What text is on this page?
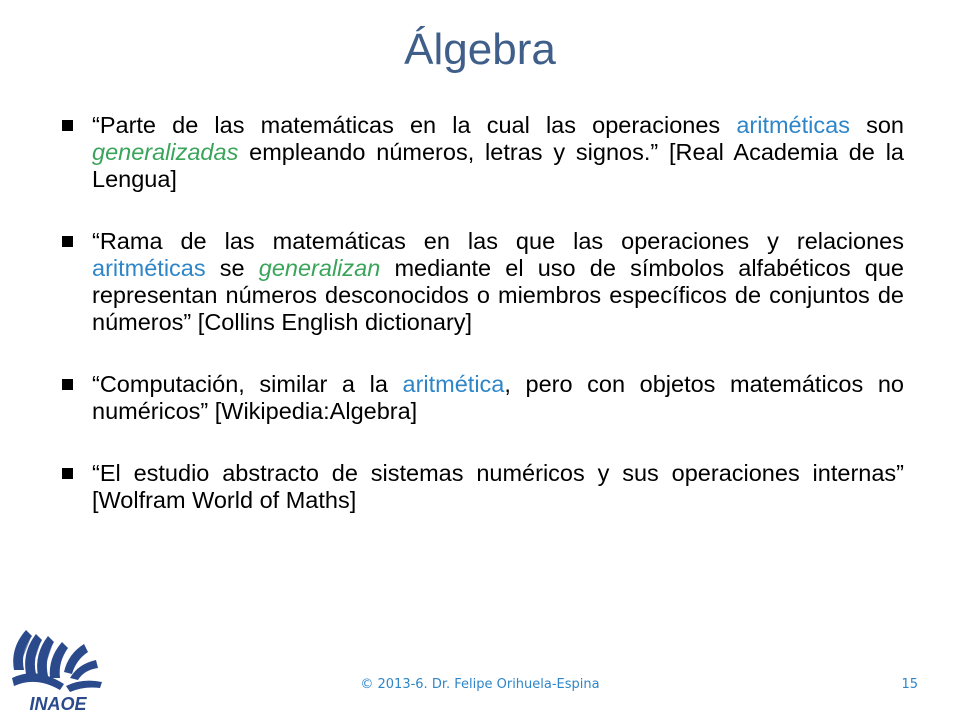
Álgebra
“Parte de las matemáticas en la cual las operaciones aritméticas son generalizadas empleando números, letras y signos.” [Real Academia de la Lengua]
“Rama de las matemáticas en las que las operaciones y relaciones aritméticas se generalizan mediante el uso de símbolos alfabéticos que representan números desconocidos o miembros específicos de conjuntos de números” [Collins English dictionary]
“Computación, similar a la aritmética, pero con objetos matemáticos no numéricos” [Wikipedia:Algebra]
“El estudio abstracto de sistemas numéricos y sus operaciones internas” [Wolfram World of Maths]
INAOE
© 2013-6. Dr. Felipe Orihuela-Espina	15
